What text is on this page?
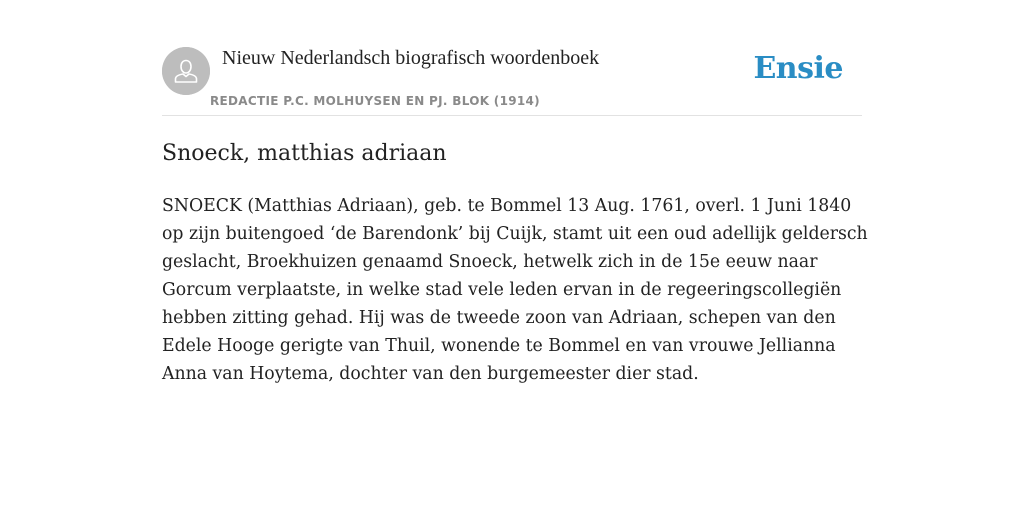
Nieuw Nederlandsch biografisch woordenboek
REDACTIE P.C. MOLHUYSEN EN PJ. BLOK (1914)
Ensie
Snoeck, matthias adriaan

SNOECK (Matthias Adriaan), geb. te Bommel 13 Aug. 1761, overl. 1 Juni 1840 op zijn buitengoed ‘de Barendonk’ bij Cuijk, stamt uit een oud adellijk geldersch geslacht, Broekhuizen genaamd Snoeck, hetwelk zich in de 15e eeuw naar Gorcum verplaatste, in welke stad vele leden ervan in de regeeringscollegiën hebben zitting gehad. Hij was de tweede zoon van Adriaan, schepen van den Edele Hooge gerigte van Thuil, wonende te Bommel en van vrouwe Jellianna Anna van Hoytema, dochter van den burgemeester dier stad.
